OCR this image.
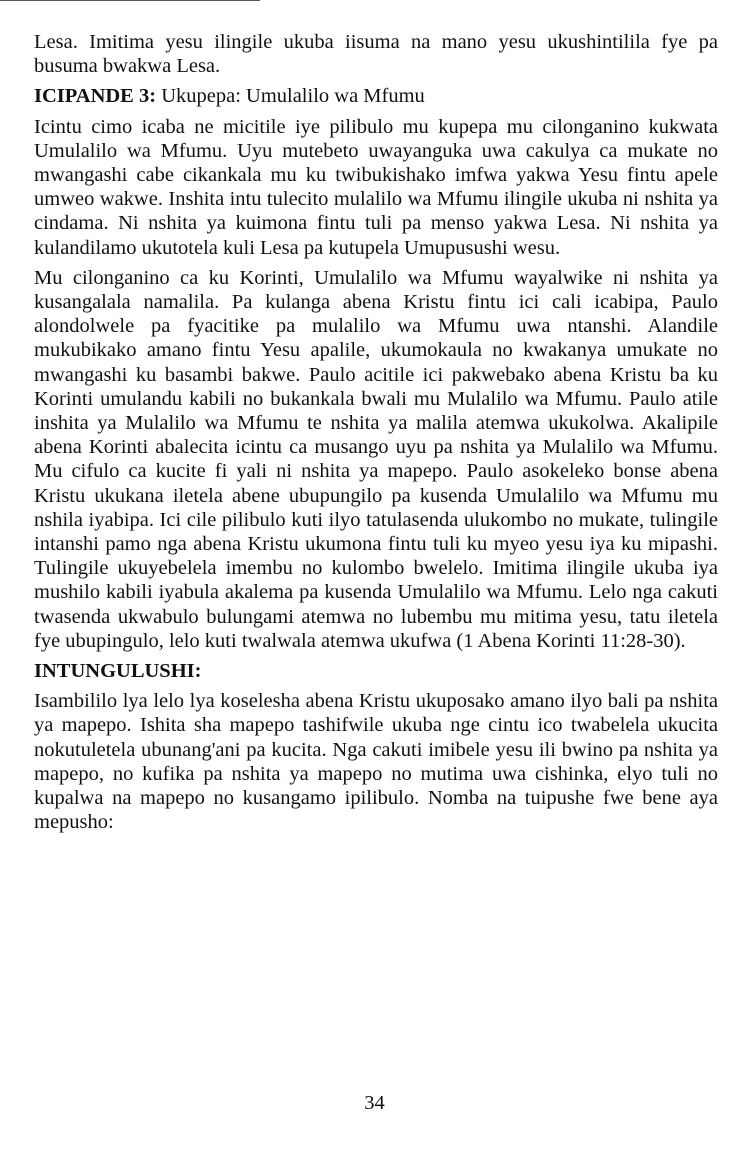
Lesa. Imitima yesu ilingile ukuba iisuma na mano yesu ukushintilila fye pa busuma bwakwa Lesa.

ICIPANDE 3: Ukupepa: Umulalilo wa Mfumu

Icintu cimo icaba ne micitile iye pilibulo mu kupepa mu cilonganino kukwata Umulalilo wa Mfumu. Uyu mutebeto uwayanguka uwa cakulya ca mukate no mwangashi cabe cikankala mu ku twibukishako imfwa yakwa Yesu fintu apele umweo wakwe. Inshita intu tulecito mulalilo wa Mfumu ilingile ukuba ni nshita ya cindama. Ni nshita ya kuimona fintu tuli pa menso yakwa Lesa. Ni nshita ya kulandilamo ukutotela kuli Lesa pa kutupela Umupusushi wesu.

Mu cilonganino ca ku Korinti, Umulalilo wa Mfumu wayalwike ni nshita ya kusangalala namalila. Pa kulanga abena Kristu fintu ici cali icabipa, Paulo alondolwele pa fyacitike pa mulalilo wa Mfumu uwa ntanshi. Alandile mukubikako amano fintu Yesu apalile, ukumokaula no kwakanya umukate no mwangashi ku basambi bakwe. Paulo acitile ici pakwebako abena Kristu ba ku Korinti umulandu kabili no bukankala bwali mu Mulalilo wa Mfumu. Paulo atile inshita ya Mulalilo wa Mfumu te nshita ya malila atemwa ukukolwa. Akalipile abena Korinti abalecita icintu ca musango uyu pa nshita ya Mulalilo wa Mfumu. Mu cifulo ca kucite fi yali ni nshita ya mapepo. Paulo asokeleko bonse abena Kristu ukukana iletela abene ubupungilo pa kusenda Umulalilo wa Mfumu mu nshila iyabipa. Ici cile pilibulo kuti ilyo tatulasenda ulukombo no mukate, tulingile intanshi pamo nga abena Kristu ukumona fintu tuli ku myeo yesu iya ku mipashi. Tulingile ukuyebelela imembu no kulombo bwelelo. Imitima ilingile ukuba iya mushilo kabili iyabula akalema pa kusenda Umulalilo wa Mfumu. Lelo nga cakuti twasenda ukwabulo bulungami atemwa no lubembu mu mitima yesu, tatu iletela fye ubupingulo, lelo kuti twalwala atemwa ukufwa (1 Abena Korinti 11:28-30).

INTUNGULUSHI:

Isambililo lya lelo lya koselesha abena Kristu ukuposako amano ilyo bali pa nshita ya mapepo. Ishita sha mapepo tashifwile ukuba nge cintu ico twabelela ukucita nokutuletela ubunang'ani pa kucita. Nga cakuti imibele yesu ili bwino pa nshita ya mapepo, no kufika pa nshita ya mapepo no mutima uwa cishinka, elyo tuli no kupalwa na mapepo no kusangamo ipilibulo. Nomba na tuipushe fwe bene aya mepusho:

34
